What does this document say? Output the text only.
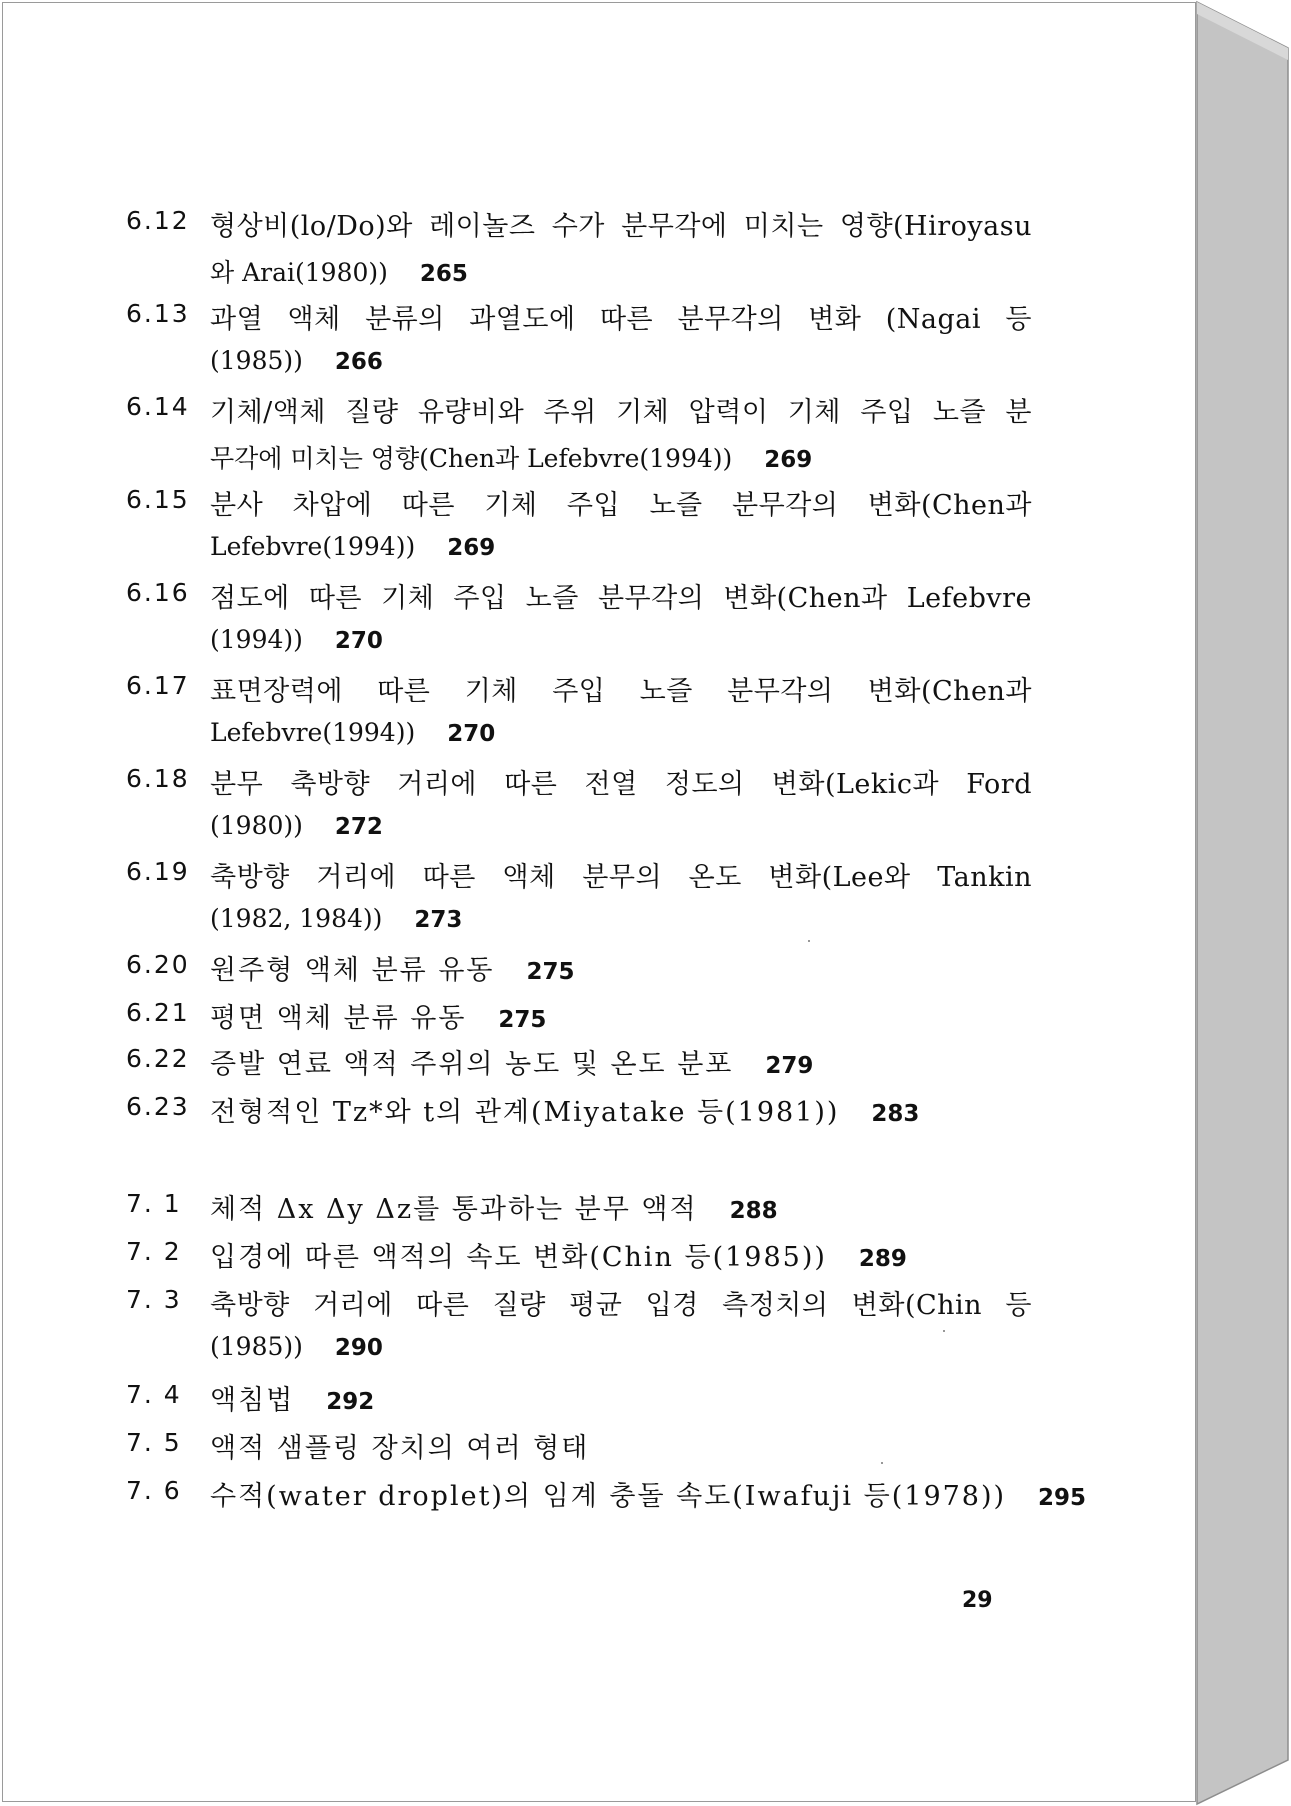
6.12 형상비(lo/Do)와 레이놀즈 수가 분무각에 미치는 영향(Hiroyasu
와 Arai(1980)) 265
6.13 과열 액체 분류의 과열도에 따른 분무각의 변화 (Nagai 등
(1985)) 266
6.14 기체/액체 질량 유량비와 주위 기체 압력이 기체 주입 노즐 분
무각에 미치는 영향(Chen과 Lefebvre(1994)) 269
6.15 분사 차압에 따른 기체 주입 노즐 분무각의 변화(Chen과
Lefebvre(1994)) 269
6.16 점도에 따른 기체 주입 노즐 분무각의 변화(Chen과 Lefebvre
(1994)) 270
6.17 표면장력에 따른 기체 주입 노즐 분무각의 변화(Chen과
Lefebvre(1994)) 270
6.18 분무 축방향 거리에 따른 전열 정도의 변화(Lekic과 Ford
(1980)) 272
6.19 축방향 거리에 따른 액체 분무의 온도 변화(Lee와 Tankin
(1982, 1984)) 273
6.20 원주형 액체 분류 유동 275
6.21 평면 액체 분류 유동 275
6.22 증발 연료 액적 주위의 농도 및 온도 분포 279
6.23 전형적인 Tz*와 t의 관계(Miyatake 등(1981)) 283
7. 1 체적 Δx Δy Δz를 통과하는 분무 액적 288
7. 2 입경에 따른 액적의 속도 변화(Chin 등(1985)) 289
7. 3 축방향 거리에 따른 질량 평균 입경 측정치의 변화(Chin 등
(1985)) 290
7. 4 액침법 292
7. 5 액적 샘플링 장치의 여러 형태
7. 6 수적(water droplet)의 임계 충돌 속도(Iwafuji 등(1978)) 295
29
